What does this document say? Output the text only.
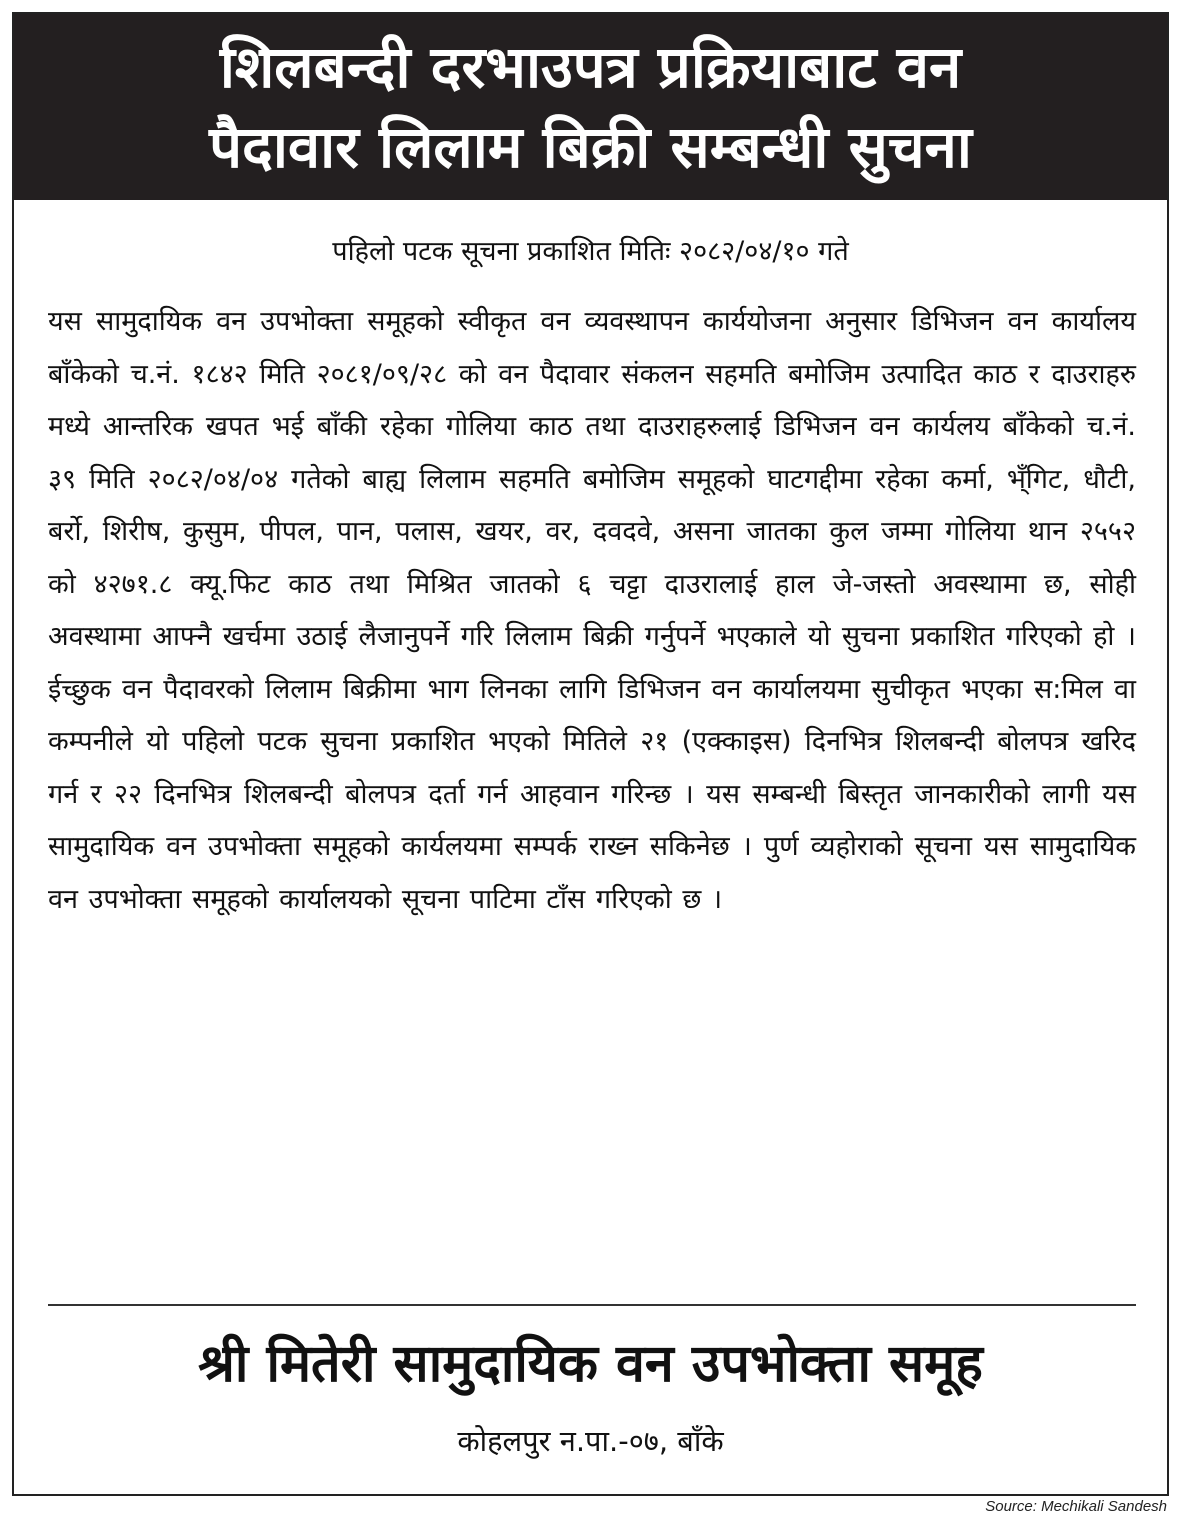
शिलबन्दी दरभाउपत्र प्रक्रियाबाट वन
पैदावार लिलाम बिक्री सम्बन्धी सुचना
पहिलो पटक सूचना प्रकाशित मितिः २०८२/०४/१० गते
यस सामुदायिक वन उपभोक्ता समूहको स्वीकृत वन व्यवस्थापन कार्ययोजना अनुसार डिभिजन वन कार्यालय बाँकेको च.नं. १८४२ मिति २०८१/०९/२८ को वन पैदावार संकलन सहमति बमोजिम उत्पादित काठ र दाउराहरु मध्ये आन्तरिक खपत भई बाँकी रहेका गोलिया काठ तथा दाउराहरुलाई डिभिजन वन कार्यलय बाँकेको च.नं. ३९ मिति २०८२/०४/०४ गतेको बाह्य लिलाम सहमति बमोजिम समूहको घाटगद्दीमा रहेका कर्मा, भ्ँगिट, धौटी, बर्रो, शिरीष, कुसुम, पीपल, पान, पलास, खयर, वर, दवदवे, असना जातका कुल जम्मा गोलिया थान २५५२ को ४२७१.८ क्यू.फिट काठ तथा मिश्रित जातको ६ चट्टा दाउरालाई हाल जे-जस्तो अवस्थामा छ, सोही अवस्थामा आफ्नै खर्चमा उठाई लैजानुपर्ने गरि लिलाम बिक्री गर्नुपर्ने भएकाले यो सुचना प्रकाशित गरिएको हो । ईच्छुक वन पैदावरको लिलाम बिक्रीमा भाग लिनका लागि डिभिजन वन कार्यालयमा सुचीकृत भएका स:मिल वा कम्पनीले यो पहिलो पटक सुचना प्रकाशित भएको मितिले २१ (एक्काइस) दिनभित्र शिलबन्दी बोलपत्र खरिद गर्न र २२ दिनभित्र शिलबन्दी बोलपत्र दर्ता गर्न आहवान गरिन्छ । यस सम्बन्धी बिस्तृत जानकारीको लागी यस सामुदायिक वन उपभोक्ता समूहको कार्यलयमा सम्पर्क राख्न सकिनेछ । पुर्ण व्यहोराको सूचना यस सामुदायिक वन उपभोक्ता समूहको कार्यालयको सूचना पाटिमा टाँस गरिएको छ ।
श्री मितेरी सामुदायिक वन उपभोक्ता समूह
कोहलपुर न.पा.-०७, बाँके
Source: Mechikali Sandesh
